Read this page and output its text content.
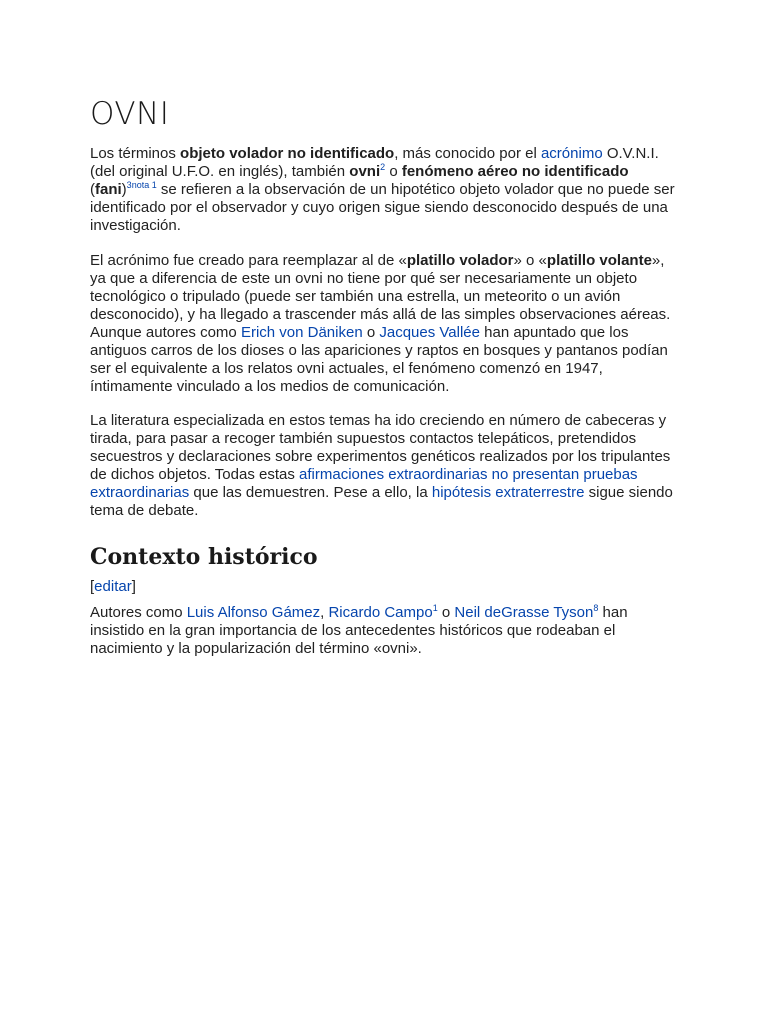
OVNI

Los términos objeto volador no identificado, más conocido por el acrónimo O.V.N.I. (del original U.F.O. en inglés), también ovni$^2$ o fenómeno aéreo no identificado (fani)$^{3nota 1}$ se refieren a la observación de un hipotético objeto volador que no puede ser identificado por el observador y cuyo origen sigue siendo desconocido después de una investigación.

El acrónimo fue creado para reemplazar al de «platillo volador» o «platillo volante», ya que a diferencia de este un ovni no tiene por qué ser necesariamente un objeto tecnológico o tripulado (puede ser también una estrella, un meteorito o un avión desconocido), y ha llegado a trascender más allá de las simples observaciones aéreas. Aunque autores como Erich von Däniken o Jacques Vallée han apuntado que los antiguos carros de los dioses o las apariciones y raptos en bosques y pantanos podían ser el equivalente a los relatos ovni actuales, el fenómeno comenzó en 1947, íntimamente vinculado a los medios de comunicación.

La literatura especializada en estos temas ha ido creciendo en número de cabeceras y tirada, para pasar a recoger también supuestos contactos telepáticos, pretendidos secuestros y declaraciones sobre experimentos genéticos realizados por los tripulantes de dichos objetos. Todas estas afirmaciones extraordinarias no presentan pruebas extraordinarias que las demuestren. Pese a ello, la hipótesis extraterrestre sigue siendo tema de debate.

Contexto histórico
[editar]

Autores como Luis Alfonso Gámez, Ricardo Campo$^1$ o Neil deGrasse Tyson$^8$ han insistido en la gran importancia de los antecedentes históricos que rodeaban el nacimiento y la popularización del término «ovni».
